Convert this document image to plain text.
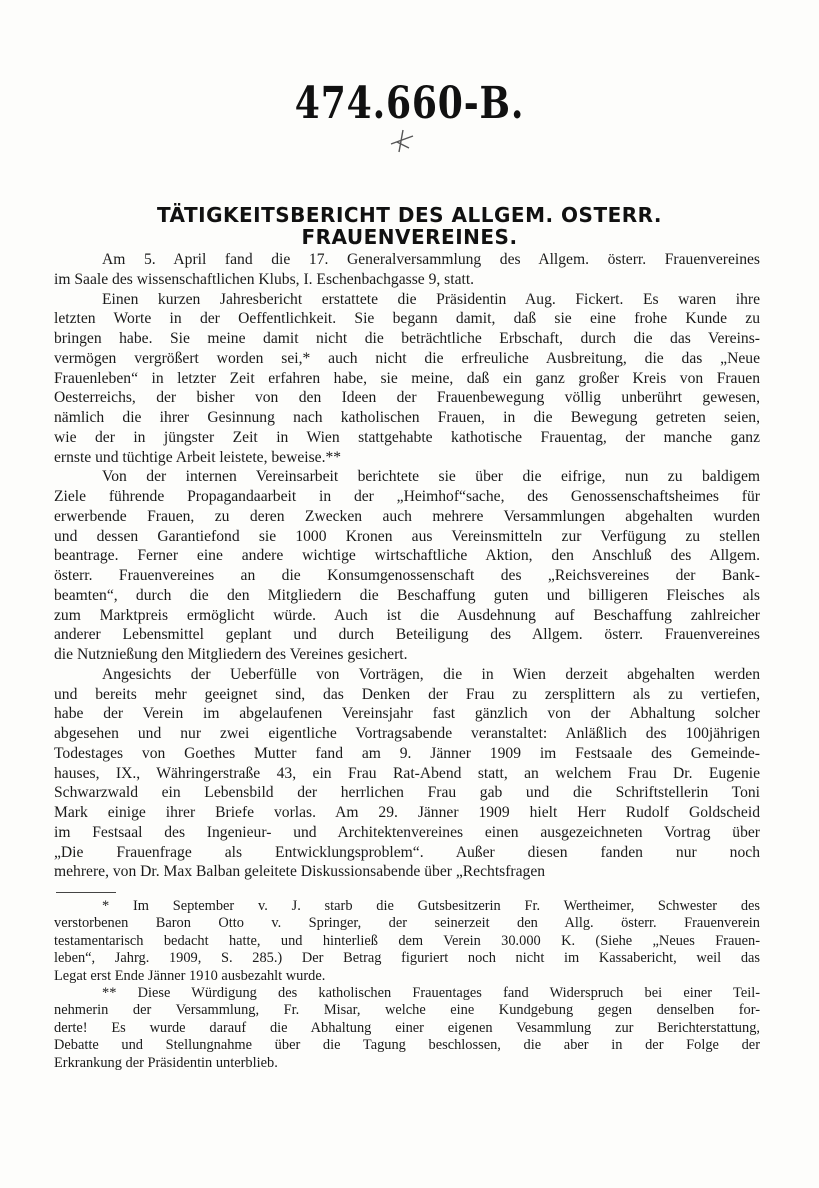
474.660-B.
TÄTIGKEITSBERICHT DES ALLGEM. OSTERR.
FRAUENVEREINES.
Am 5. April fand die 17. Generalversammlung des Allgem. österr. Frauenvereines
im Saale des wissenschaftlichen Klubs, I. Eschenbachgasse 9, statt.
Einen kurzen Jahresbericht erstattete die Präsidentin Aug. Fickert. Es waren ihre
letzten Worte in der Oeffentlichkeit. Sie begann damit, daß sie eine frohe Kunde zu
bringen habe. Sie meine damit nicht die beträchtliche Erbschaft, durch die das Vereins-
vermögen vergrößert worden sei,* auch nicht die erfreuliche Ausbreitung, die das „Neue
Frauenleben“ in letzter Zeit erfahren habe, sie meine, daß ein ganz großer Kreis von Frauen
Oesterreichs, der bisher von den Ideen der Frauenbewegung völlig unberührt gewesen,
nämlich die ihrer Gesinnung nach katholischen Frauen, in die Bewegung getreten seien,
wie der in jüngster Zeit in Wien stattgehabte kathotische Frauentag, der manche ganz
ernste und tüchtige Arbeit leistete, beweise.**
Von der internen Vereinsarbeit berichtete sie über die eifrige, nun zu baldigem
Ziele führende Propagandaarbeit in der „Heimhof“sache, des Genossenschaftsheimes für
erwerbende Frauen, zu deren Zwecken auch mehrere Versammlungen abgehalten wurden
und dessen Garantiefond sie 1000 Kronen aus Vereinsmitteln zur Verfügung zu stellen
beantrage. Ferner eine andere wichtige wirtschaftliche Aktion, den Anschluß des Allgem.
österr. Frauenvereines an die Konsumgenossenschaft des „Reichsvereines der Bank-
beamten“, durch die den Mitgliedern die Beschaffung guten und billigeren Fleisches als
zum Marktpreis ermöglicht würde. Auch ist die Ausdehnung auf Beschaffung zahlreicher
anderer Lebensmittel geplant und durch Beteiligung des Allgem. österr. Frauenvereines
die Nutznießung den Mitgliedern des Vereines gesichert.
Angesichts der Ueberfülle von Vorträgen, die in Wien derzeit abgehalten werden
und bereits mehr geeignet sind, das Denken der Frau zu zersplittern als zu vertiefen,
habe der Verein im abgelaufenen Vereinsjahr fast gänzlich von der Abhaltung solcher
abgesehen und nur zwei eigentliche Vortragsabende veranstaltet: Anläßlich des 100jährigen
Todestages von Goethes Mutter fand am 9. Jänner 1909 im Festsaale des Gemeinde-
hauses, IX., Währingerstraße 43, ein Frau Rat-Abend statt, an welchem Frau Dr. Eugenie
Schwarzwald ein Lebensbild der herrlichen Frau gab und die Schriftstellerin Toni
Mark einige ihrer Briefe vorlas. Am 29. Jänner 1909 hielt Herr Rudolf Goldscheid
im Festsaal des Ingenieur- und Architektenvereines einen ausgezeichneten Vortrag über
„Die Frauenfrage als Entwicklungsproblem“. Außer diesen fanden nur noch
mehrere, von Dr. Max Balban geleitete Diskussionsabende über „Rechtsfragen
* Im September v. J. starb die Gutsbesitzerin Fr. Wertheimer, Schwester des
verstorbenen Baron Otto v. Springer, der seinerzeit den Allg. österr. Frauenverein
testamentarisch bedacht hatte, und hinterließ dem Verein 30.000 K. (Siehe „Neues Frauen-
leben“, Jahrg. 1909, S. 285.) Der Betrag figuriert noch nicht im Kassabericht, weil das
Legat erst Ende Jänner 1910 ausbezahlt wurde.
** Diese Würdigung des katholischen Frauentages fand Widerspruch bei einer Teil-
nehmerin der Versammlung, Fr. Misar, welche eine Kundgebung gegen denselben for-
derte! Es wurde darauf die Abhaltung einer eigenen Vesammlung zur Berichterstattung,
Debatte und Stellungnahme über die Tagung beschlossen, die aber in der Folge der
Erkrankung der Präsidentin unterblieb.
